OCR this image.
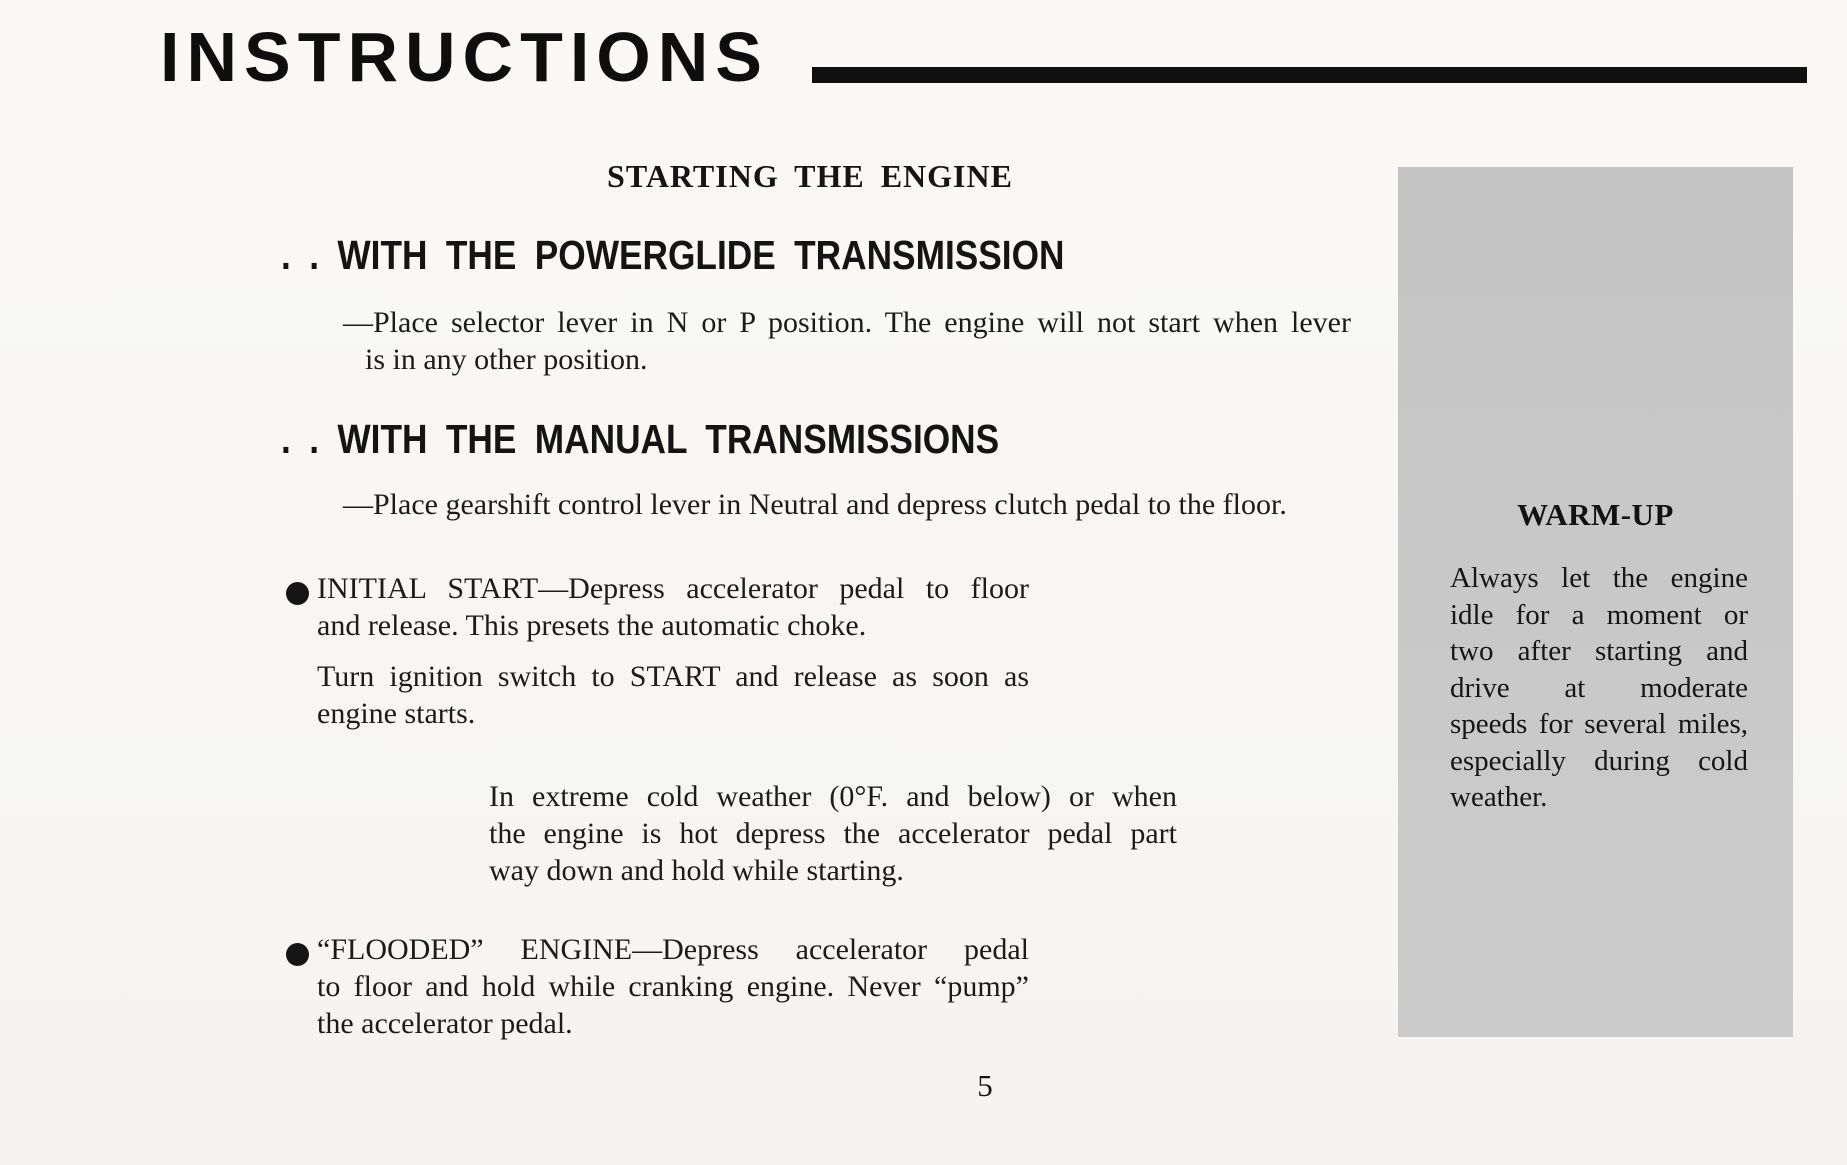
INSTRUCTIONS
STARTING THE ENGINE
. . WITH THE POWERGLIDE TRANSMISSION

—Place selector lever in N or P position. The engine will not start when lever
is in any other position.

. . WITH THE MANUAL TRANSMISSIONS

—Place gearshift control lever in Neutral and depress clutch pedal to the floor.

INITIAL START—Depress accelerator pedal to floor
and release. This presets the automatic choke.

Turn ignition switch to START and release as soon as
engine starts.

In extreme cold weather (0°F. and below) or when
the engine is hot depress the accelerator pedal part
way down and hold while starting.

“FLOODED” ENGINE—Depress accelerator pedal
to floor and hold while cranking engine. Never “pump”
the accelerator pedal.

WARM-UP

Always let the engine
idle for a moment or
two after starting and
drive at moderate
speeds for several miles,
especially during cold
weather.

5
